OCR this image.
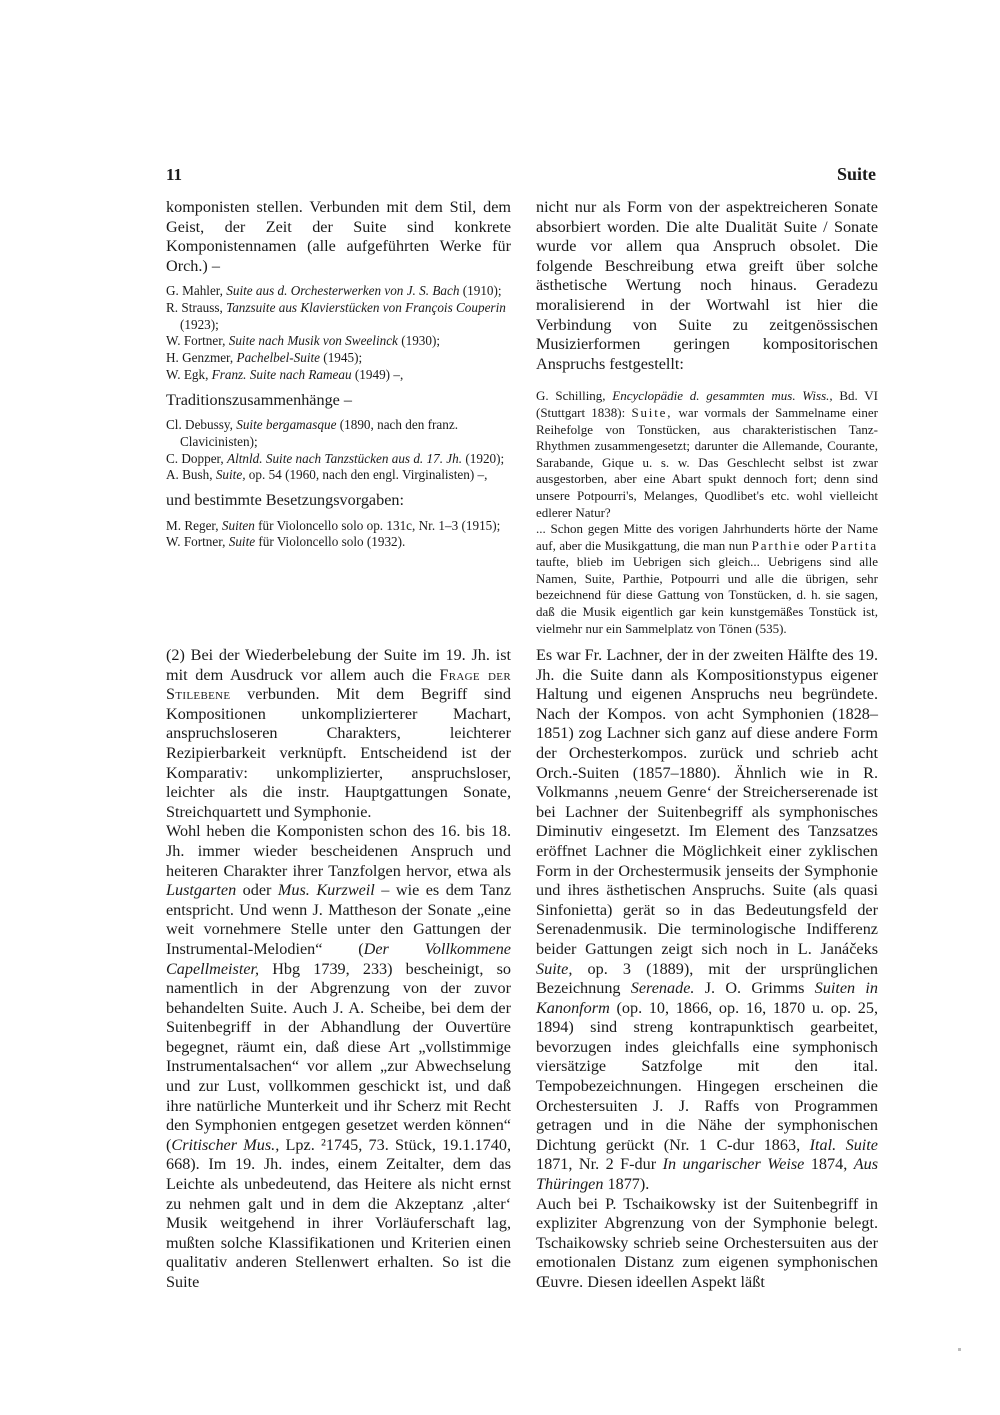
11	Suite

komponisten stellen. Verbunden mit dem Stil, dem Geist, der Zeit der Suite sind konkrete Komponistennamen (alle aufgeführten Werke für Orch.) –

G. Mahler, Suite aus d. Orchesterwerken von J. S. Bach (1910);
R. Strauss, Tanzsuite aus Klavierstücken von François Couperin (1923);
W. Fortner, Suite nach Musik von Sweelinck (1930);
H. Genzmer, Pachelbel-Suite (1945);
W. Egk, Franz. Suite nach Rameau (1949) –,

Traditionszusammenhänge –

Cl. Debussy, Suite bergamasque (1890, nach den franz. Clavicinisten);
C. Dopper, Altnld. Suite nach Tanzstücken aus d. 17. Jh. (1920);
A. Bush, Suite, op. 54 (1960, nach den engl. Virginalisten) –,

und bestimmte Besetzungsvorgaben:

M. Reger, Suiten für Violoncello solo op. 131c, Nr. 1–3 (1915);
W. Fortner, Suite für Violoncello solo (1932).

nicht nur als Form von der aspektreicheren Sonate absorbiert worden. Die alte Dualität Suite / Sonate wurde vor allem qua Anspruch obsolet. Die folgende Beschreibung etwa greift über solche ästhetische Wertung noch hinaus. Geradezu moralisierend in der Wortwahl ist hier die Verbindung von Suite zu zeitgenössischen Musizierformen geringen kompositorischen Anspruchs festgestellt:

G. Schilling, Encyclopädie d. gesammten mus. Wiss., Bd. VI (Stuttgart 1838): Suite, war vormals der Sammelname einer Reihefolge von Tonstücken, aus charakteristischen Tanz-Rhythmen zusammengesetzt; darunter die Allemande, Courante, Sarabande, Gique u. s. w. Das Geschlecht selbst ist zwar ausgestorben, aber eine Abart spukt dennoch fort; denn sind unsere Potpourri's, Melanges, Quodlibet's etc. wohl vielleicht edlerer Natur?

... Schon gegen Mitte des vorigen Jahrhunderts hörte der Name auf, aber die Musikgattung, die man nun Parthie oder Partita taufte, blieb im Uebrigen sich gleich... Uebrigens sind alle Namen, Suite, Parthie, Potpourri und alle die übrigen, sehr bezeichnend für diese Gattung von Tonstücken, d. h. sie sagen, daß die Musik eigentlich gar kein kunstgemäßes Tonstück ist, vielmehr nur ein Sammelplatz von Tönen (535).

(2) Bei der Wiederbelebung der Suite im 19. Jh. ist mit dem Ausdruck vor allem auch die Frage der Stilebene verbunden. Mit dem Begriff sind Kompositionen unkomplizierterer Machart, anspruchsloseren Charakters, leichterer Rezipierbarkeit verknüpft. Entscheidend ist der Komparativ: unkomplizierter, anspruchsloser, leichter als die instr. Hauptgattungen Sonate, Streichquartett und Symphonie.

Wohl heben die Komponisten schon des 16. bis 18. Jh. immer wieder bescheidenen Anspruch und heiteren Charakter ihrer Tanzfolgen hervor, etwa als Lustgarten oder Mus. Kurzweil – wie es dem Tanz entspricht. Und wenn J. Mattheson der Sonate „eine weit vornehmere Stelle unter den Gattungen der Instrumental-Melodien“ (Der Vollkommene Capellmeister, Hbg 1739, 233) bescheinigt, so namentlich in der Abgrenzung von der zuvor behandelten Suite. Auch J. A. Scheibe, bei dem der Suitenbegriff in der Abhandlung der Ouvertüre begegnet, räumt ein, daß diese Art „vollstimmige Instrumentalsachen“ vor allem „zur Abwechselung und zur Lust, vollkommen geschickt ist, und daß ihre natürliche Munterkeit und ihr Scherz mit Recht den Symphonien entgegen gesetzet werden können“ (Critischer Mus., Lpz. ²1745, 73. Stück, 19.1.1740, 668). Im 19. Jh. indes, einem Zeitalter, dem das Leichte als unbedeutend, das Heitere als nicht ernst zu nehmen galt und in dem die Akzeptanz ‚alter‘ Musik weitgehend in ihrer Vorläuferschaft lag, mußten solche Klassifikationen und Kriterien einen qualitativ anderen Stellenwert erhalten. So ist die Suite

Es war Fr. Lachner, der in der zweiten Hälfte des 19. Jh. die Suite dann als Kompositionstypus eigener Haltung und eigenen Anspruchs neu begründete. Nach der Kompos. von acht Symphonien (1828–1851) zog Lachner sich ganz auf diese andere Form der Orchesterkompos. zurück und schrieb acht Orch.-Suiten (1857–1880). Ähnlich wie in R. Volkmanns ‚neuem Genre‘ der Streicherserenade ist bei Lachner der Suitenbegriff als symphonisches Diminutiv eingesetzt. Im Element des Tanzsatzes eröffnet Lachner die Möglichkeit einer zyklischen Form in der Orchestermusik jenseits der Symphonie und ihres ästhetischen Anspruchs. Suite (als quasi Sinfonietta) gerät so in das Bedeutungsfeld der Serenadenmusik. Die terminologische Indifferenz beider Gattungen zeigt sich noch in L. Janáčeks Suite, op. 3 (1889), mit der ursprünglichen Bezeichnung Serenade. J. O. Grimms Suiten in Kanonform (op. 10, 1866, op. 16, 1870 u. op. 25, 1894) sind streng kontrapunktisch gearbeitet, bevorzugen indes gleichfalls eine symphonisch viersätzige Satzfolge mit den ital. Tempobezeichnungen. Hingegen erscheinen die Orchestersuiten J. J. Raffs von Programmen getragen und in die Nähe der symphonischen Dichtung gerückt (Nr. 1 C-dur 1863, Ital. Suite 1871, Nr. 2 F-dur In ungarischer Weise 1874, Aus Thüringen 1877).

Auch bei P. Tschaikowsky ist der Suitenbegriff in expliziter Abgrenzung von der Symphonie belegt. Tschaikowsky schrieb seine Orchestersuiten aus der emotionalen Distanz zum eigenen symphonischen Œuvre. Diesen ideellen Aspekt läßt
